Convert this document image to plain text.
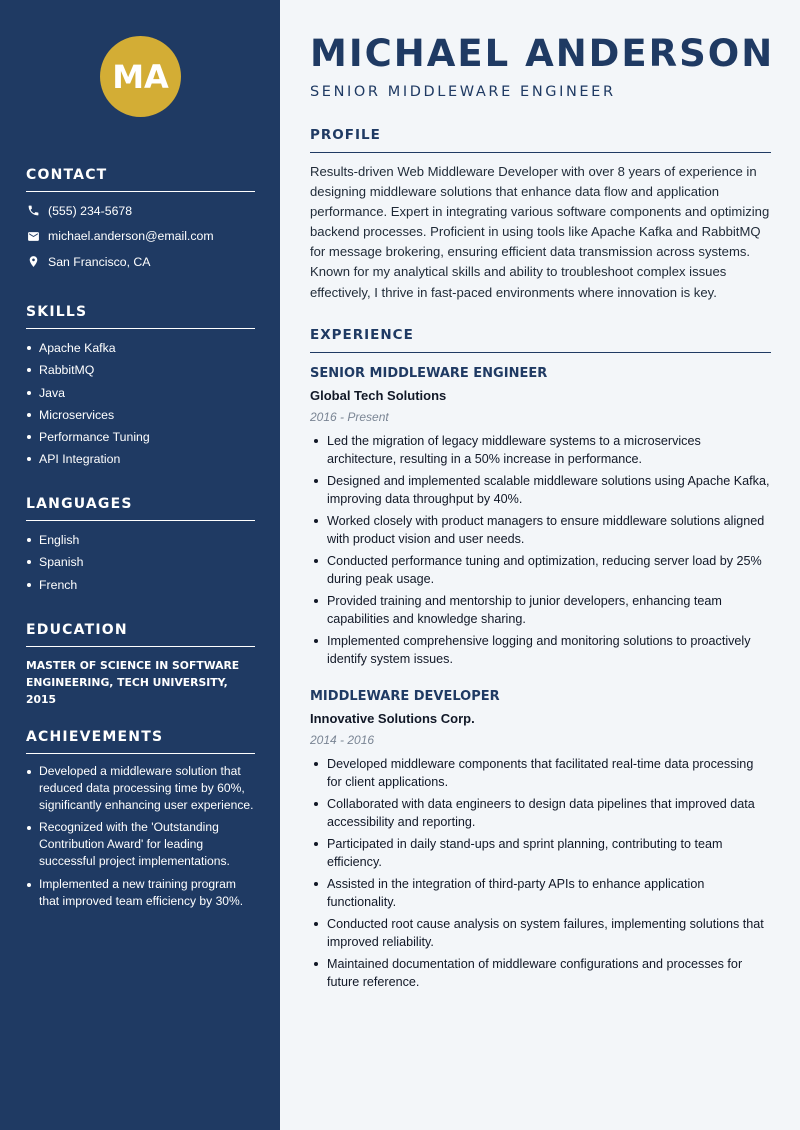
MA
CONTACT
(555) 234-5678
michael.anderson@email.com
San Francisco, CA
SKILLS
Apache Kafka
RabbitMQ
Java
Microservices
Performance Tuning
API Integration
LANGUAGES
English
Spanish
French
EDUCATION
MASTER OF SCIENCE IN SOFTWARE ENGINEERING, TECH UNIVERSITY, 2015
ACHIEVEMENTS
Developed a middleware solution that reduced data processing time by 60%, significantly enhancing user experience.
Recognized with the 'Outstanding Contribution Award' for leading successful project implementations.
Implemented a new training program that improved team efficiency by 30%.
MICHAEL ANDERSON
SENIOR MIDDLEWARE ENGINEER
PROFILE
Results-driven Web Middleware Developer with over 8 years of experience in designing middleware solutions that enhance data flow and application performance. Expert in integrating various software components and optimizing backend processes. Proficient in using tools like Apache Kafka and RabbitMQ for message brokering, ensuring efficient data transmission across systems. Known for my analytical skills and ability to troubleshoot complex issues effectively, I thrive in fast-paced environments where innovation is key.
EXPERIENCE
SENIOR MIDDLEWARE ENGINEER
Global Tech Solutions
2016 - Present
Led the migration of legacy middleware systems to a microservices architecture, resulting in a 50% increase in performance.
Designed and implemented scalable middleware solutions using Apache Kafka, improving data throughput by 40%.
Worked closely with product managers to ensure middleware solutions aligned with product vision and user needs.
Conducted performance tuning and optimization, reducing server load by 25% during peak usage.
Provided training and mentorship to junior developers, enhancing team capabilities and knowledge sharing.
Implemented comprehensive logging and monitoring solutions to proactively identify system issues.
MIDDLEWARE DEVELOPER
Innovative Solutions Corp.
2014 - 2016
Developed middleware components that facilitated real-time data processing for client applications.
Collaborated with data engineers to design data pipelines that improved data accessibility and reporting.
Participated in daily stand-ups and sprint planning, contributing to team efficiency.
Assisted in the integration of third-party APIs to enhance application functionality.
Conducted root cause analysis on system failures, implementing solutions that improved reliability.
Maintained documentation of middleware configurations and processes for future reference.
